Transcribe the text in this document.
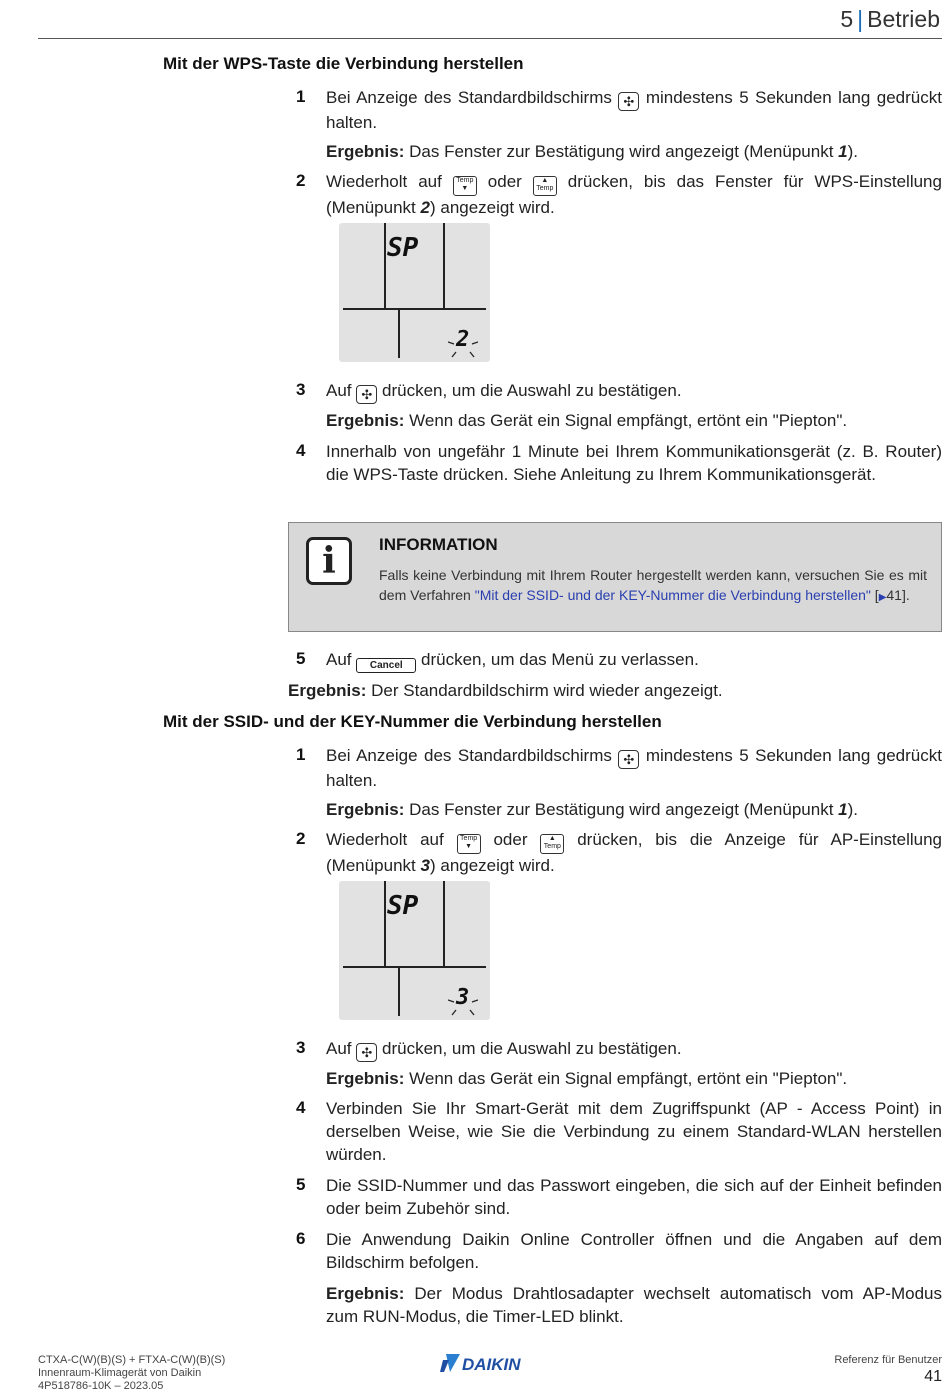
5 | Betrieb
Mit der WPS-Taste die Verbindung herstellen
1 Bei Anzeige des Standardbildschirms ✣ mindestens 5 Sekunden lang gedrückt halten.

Ergebnis: Das Fenster zur Bestätigung wird angezeigt (Menüpunkt 1).

2 Wiederholt auf Temp
▼ oder	▲
Temp drücken, bis das Fenster für WPS-Einstellung (Menüpunkt 2) angezeigt wird.

SP
2
3 Auf ✣ drücken, um die Auswahl zu bestätigen.

Ergebnis: Wenn das Gerät ein Signal empfängt, ertönt ein "Piepton".

4 Innerhalb von ungefähr 1 Minute bei Ihrem Kommunikationsgerät (z. B. Router) die WPS-Taste drücken. Siehe Anleitung zu Ihrem Kommunikationsgerät.

i	INFORMATION
Falls keine Verbindung mit Ihrem Router hergestellt werden kann, versuchen Sie es mit dem Verfahren "Mit der SSID- und der KEY-Nummer die Verbindung herstellen" [▶41].
5 Auf Cancel drücken, um das Menü zu verlassen.

Ergebnis: Der Standardbildschirm wird wieder angezeigt.

Mit der SSID- und der KEY-Nummer die Verbindung herstellen
1 Bei Anzeige des Standardbildschirms ✣ mindestens 5 Sekunden lang gedrückt halten.

Ergebnis: Das Fenster zur Bestätigung wird angezeigt (Menüpunkt 1).

2 Wiederholt auf Temp
▼ oder	▲
Temp drücken, bis die Anzeige für AP-Einstellung (Menüpunkt 3) angezeigt wird.

SP
3
3 Auf ✣ drücken, um die Auswahl zu bestätigen.

Ergebnis: Wenn das Gerät ein Signal empfängt, ertönt ein "Piepton".

4 Verbinden Sie Ihr Smart-Gerät mit dem Zugriffspunkt (AP - Access Point) in derselben Weise, wie Sie die Verbindung zu einem Standard-WLAN herstellen würden.

5 Die SSID-Nummer und das Passwort eingeben, die sich auf der Einheit befinden oder beim Zubehör sind.

6 Die Anwendung Daikin Online Controller öffnen und die Angaben auf dem Bildschirm befolgen.

Ergebnis: Der Modus Drahtlosadapter wechselt automatisch vom AP-Modus zum RUN-Modus, die Timer-LED blinkt.

CTXA-C(W)(B)(S) + FTXA-C(W)(B)(S)
Innenraum-Klimagerät von Daikin
4P518786-10K – 2023.05
DAIKIN	Referenz für Benutzer
41
